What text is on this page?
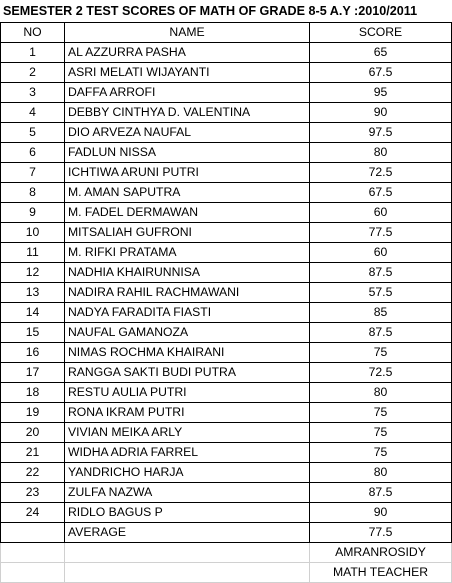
SEMESTER 2 TEST SCORES OF MATH OF GRADE 8-5 A.Y :2010/2011
NO	NAME	SCORE
1	AL AZZURRA PASHA	65
2	ASRI MELATI WIJAYANTI	67.5
3	DAFFA ARROFI	95
4	DEBBY CINTHYA D. VALENTINA	90
5	DIO ARVEZA NAUFAL	97.5
6	FADLUN NISSA	80
7	ICHTIWA ARUNI PUTRI	72.5
8	M. AMAN SAPUTRA	67.5
9	M. FADEL DERMAWAN	60
10	MITSALIAH GUFRONI	77.5
11	M. RIFKI PRATAMA	60
12	NADHIA KHAIRUNNISA	87.5
13	NADIRA RAHIL RACHMAWANI	57.5
14	NADYA FARADITA FIASTI	85
15	NAUFAL GAMANOZA	87.5
16	NIMAS ROCHMA KHAIRANI	75
17	RANGGA SAKTI BUDI PUTRA	72.5
18	RESTU AULIA PUTRI	80
19	RONA IKRAM PUTRI	75
20	VIVIAN MEIKA ARLY	75
21	WIDHA ADRIA FARREL	75
22	YANDRICHO HARJA	80
23	ZULFA NAZWA	87.5
24	RIDLO BAGUS P	90
	AVERAGE	77.5
		AMRANROSIDY
		MATH TEACHER
